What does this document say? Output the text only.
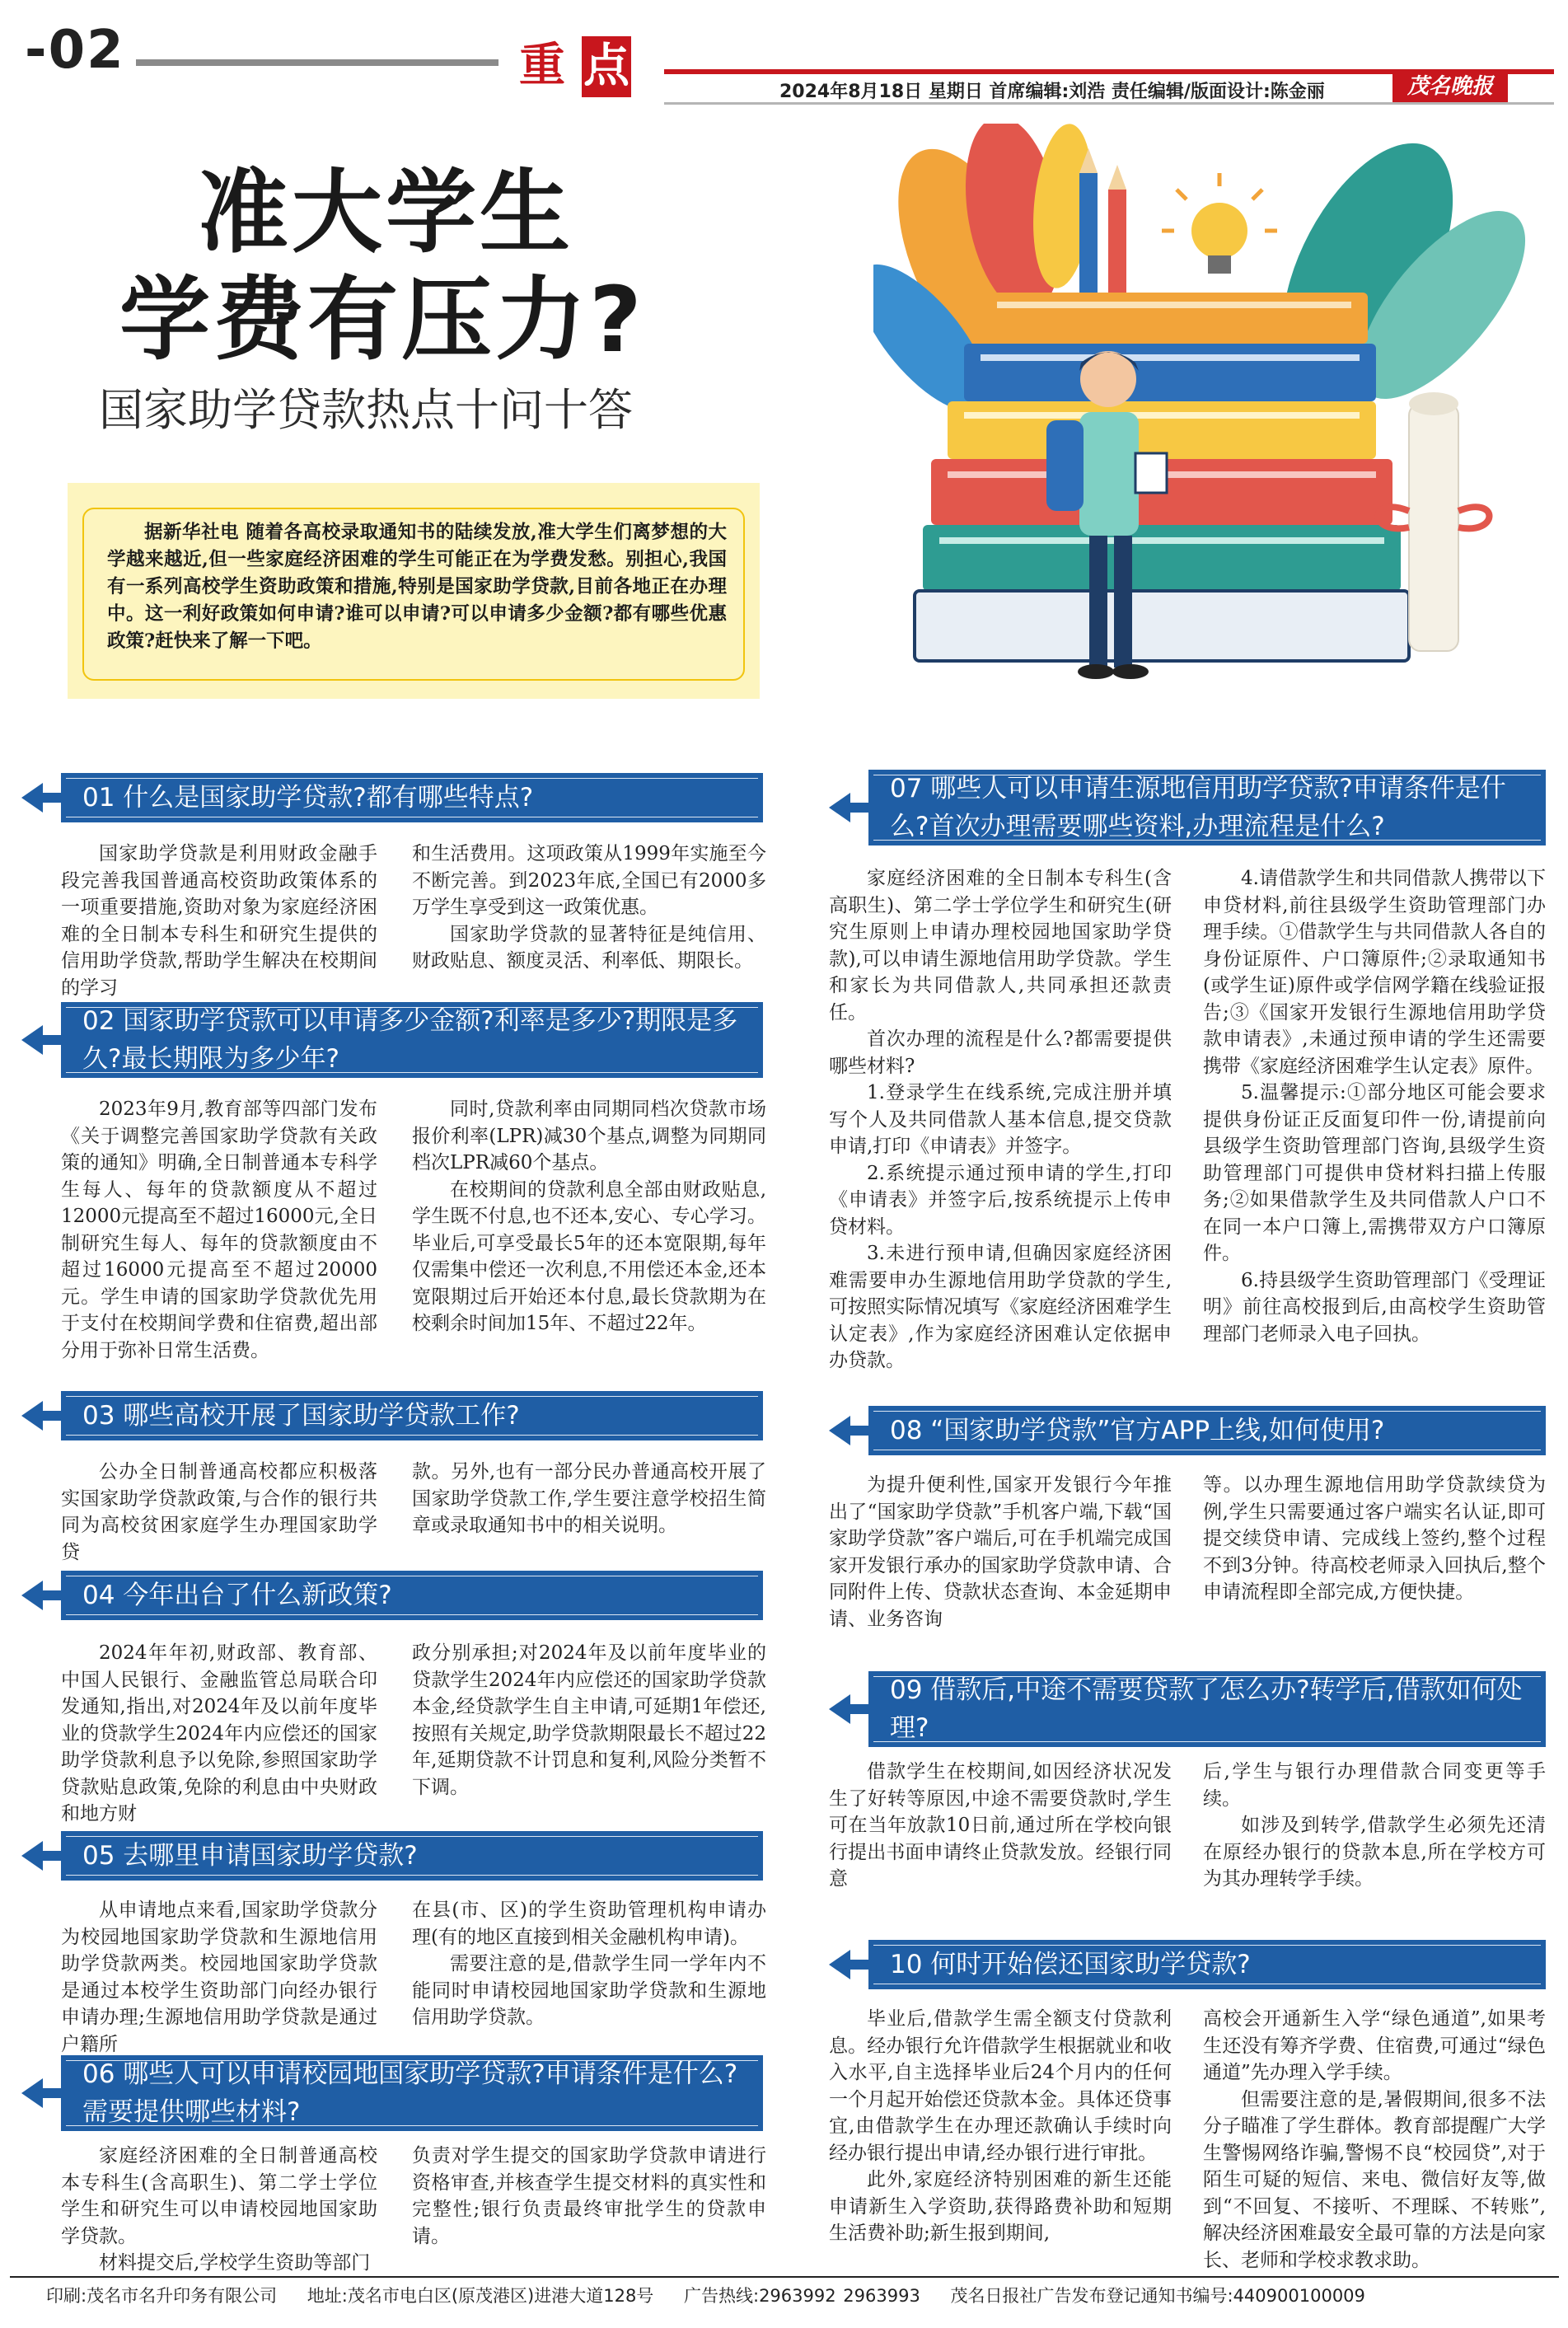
-02	重 点	2024年8月18日 星期日 首席编辑:刘浩 责任编辑/版面设计:陈金丽	茂名晚报
准大学生
学费有压力?
国家助学贷款热点十问十答
据新华社电 随着各高校录取通知书的陆续发放,准大学生们离梦想的大学越来越近,但一些家庭经济困难的学生可能正在为学费发愁。别担心,我国有一系列高校学生资助政策和措施,特别是国家助学贷款,目前各地正在办理中。这一利好政策如何申请?谁可以申请?可以申请多少金额?都有哪些优惠政策?赶快来了解一下吧。
01 什么是国家助学贷款?都有哪些特点?

国家助学贷款是利用财政金融手段完善我国普通高校资助政策体系的一项重要措施,资助对象为家庭经济困难的全日制本专科生和研究生提供的信用助学贷款,帮助学生解决在校期间的学习

和生活费用。这项政策从1999年实施至今不断完善。到2023年底,全国已有2000多万学生享受到这一政策优惠。

国家助学贷款的显著特征是纯信用、财政贴息、额度灵活、利率低、期限长。

02 国家助学贷款可以申请多少金额?利率是多少?期限是多久?最长期限为多少年?

2023年9月,教育部等四部门发布《关于调整完善国家助学贷款有关政策的通知》明确,全日制普通本专科学生每人、每年的贷款额度从不超过12000元提高至不超过16000元,全日制研究生每人、每年的贷款额度由不超过16000元提高至不超过20000元。学生申请的国家助学贷款优先用于支付在校期间学费和住宿费,超出部分用于弥补日常生活费。

同时,贷款利率由同期同档次贷款市场报价利率(LPR)减30个基点,调整为同期同档次LPR减60个基点。

在校期间的贷款利息全部由财政贴息,学生既不付息,也不还本,安心、专心学习。毕业后,可享受最长5年的还本宽限期,每年仅需集中偿还一次利息,不用偿还本金,还本宽限期过后开始还本付息,最长贷款期为在校剩余时间加15年、不超过22年。

03 哪些高校开展了国家助学贷款工作?

公办全日制普通高校都应积极落实国家助学贷款政策,与合作的银行共同为高校贫困家庭学生办理国家助学贷

款。另外,也有一部分民办普通高校开展了国家助学贷款工作,学生要注意学校招生简章或录取通知书中的相关说明。

04 今年出台了什么新政策?

2024年年初,财政部、教育部、中国人民银行、金融监管总局联合印发通知,指出,对2024年及以前年度毕业的贷款学生2024年内应偿还的国家助学贷款利息予以免除,参照国家助学贷款贴息政策,免除的利息由中央财政和地方财

政分别承担;对2024年及以前年度毕业的贷款学生2024年内应偿还的国家助学贷款本金,经贷款学生自主申请,可延期1年偿还,按照有关规定,助学贷款期限最长不超过22年,延期贷款不计罚息和复利,风险分类暂不下调。

05 去哪里申请国家助学贷款?

从申请地点来看,国家助学贷款分为校园地国家助学贷款和生源地信用助学贷款两类。校园地国家助学贷款是通过本校学生资助部门向经办银行申请办理;生源地信用助学贷款是通过户籍所

在县(市、区)的学生资助管理机构申请办理(有的地区直接到相关金融机构申请)。

需要注意的是,借款学生同一学年内不能同时申请校园地国家助学贷款和生源地信用助学贷款。

06 哪些人可以申请校园地国家助学贷款?申请条件是什么?需要提供哪些材料?

家庭经济困难的全日制普通高校本专科生(含高职生)、第二学士学位学生和研究生可以申请校园地国家助学贷款。

材料提交后,学校学生资助等部门

负责对学生提交的国家助学贷款申请进行资格审查,并核查学生提交材料的真实性和完整性;银行负责最终审批学生的贷款申请。

07 哪些人可以申请生源地信用助学贷款?申请条件是什么?首次办理需要哪些资料,办理流程是什么?

家庭经济困难的全日制本专科生(含高职生)、第二学士学位学生和研究生(研究生原则上申请办理校园地国家助学贷款),可以申请生源地信用助学贷款。学生和家长为共同借款人,共同承担还款责任。

首次办理的流程是什么?都需要提供哪些材料?

1.登录学生在线系统,完成注册并填写个人及共同借款人基本信息,提交贷款申请,打印《申请表》并签字。

2.系统提示通过预申请的学生,打印《申请表》并签字后,按系统提示上传申贷材料。

3.未进行预申请,但确因家庭经济困难需要申办生源地信用助学贷款的学生,可按照实际情况填写《家庭经济困难学生认定表》,作为家庭经济困难认定依据申办贷款。

4.请借款学生和共同借款人携带以下申贷材料,前往县级学生资助管理部门办理手续。①借款学生与共同借款人各自的身份证原件、户口簿原件;②录取通知书(或学生证)原件或学信网学籍在线验证报告;③《国家开发银行生源地信用助学贷款申请表》,未通过预申请的学生还需要携带《家庭经济困难学生认定表》原件。

5.温馨提示:①部分地区可能会要求提供身份证正反面复印件一份,请提前向县级学生资助管理部门咨询,县级学生资助管理部门可提供申贷材料扫描上传服务;②如果借款学生及共同借款人户口不在同一本户口簿上,需携带双方户口簿原件。

6.持县级学生资助管理部门《受理证明》前往高校报到后,由高校学生资助管理部门老师录入电子回执。

08 “国家助学贷款”官方APP上线,如何使用?

为提升便利性,国家开发银行今年推出了“国家助学贷款”手机客户端,下载“国家助学贷款”客户端后,可在手机端完成国家开发银行承办的国家助学贷款申请、合同附件上传、贷款状态查询、本金延期申请、业务咨询

等。以办理生源地信用助学贷款续贷为例,学生只需要通过客户端实名认证,即可提交续贷申请、完成线上签约,整个过程不到3分钟。待高校老师录入回执后,整个申请流程即全部完成,方便快捷。

09 借款后,中途不需要贷款了怎么办?转学后,借款如何处理?

借款学生在校期间,如因经济状况发生了好转等原因,中途不需要贷款时,学生可在当年放款10日前,通过所在学校向银行提出书面申请终止贷款发放。经银行同意

后,学生与银行办理借款合同变更等手续。

如涉及到转学,借款学生必须先还清在原经办银行的贷款本息,所在学校方可为其办理转学手续。

10 何时开始偿还国家助学贷款?

毕业后,借款学生需全额支付贷款利息。经办银行允许借款学生根据就业和收入水平,自主选择毕业后24个月内的任何一个月起开始偿还贷款本金。具体还贷事宜,由借款学生在办理还款确认手续时向经办银行提出申请,经办银行进行审批。

此外,家庭经济特别困难的新生还能申请新生入学资助,获得路费补助和短期生活费补助;新生报到期间,

高校会开通新生入学“绿色通道”,如果考生还没有筹齐学费、住宿费,可通过“绿色通道”先办理入学手续。

但需要注意的是,暑假期间,很多不法分子瞄准了学生群体。教育部提醒广大学生警惕网络诈骗,警惕不良“校园贷”,对于陌生可疑的短信、来电、微信好友等,做到“不回复、不接听、不理睬、不转账”,解决经济困难最安全最可靠的方法是向家长、老师和学校求教求助。

印刷:茂名市名升印务有限公司 地址:茂名市电白区(原茂港区)进港大道128号 广告热线:2963992 2963993 茂名日报社广告发布登记通知书编号:440900100009
